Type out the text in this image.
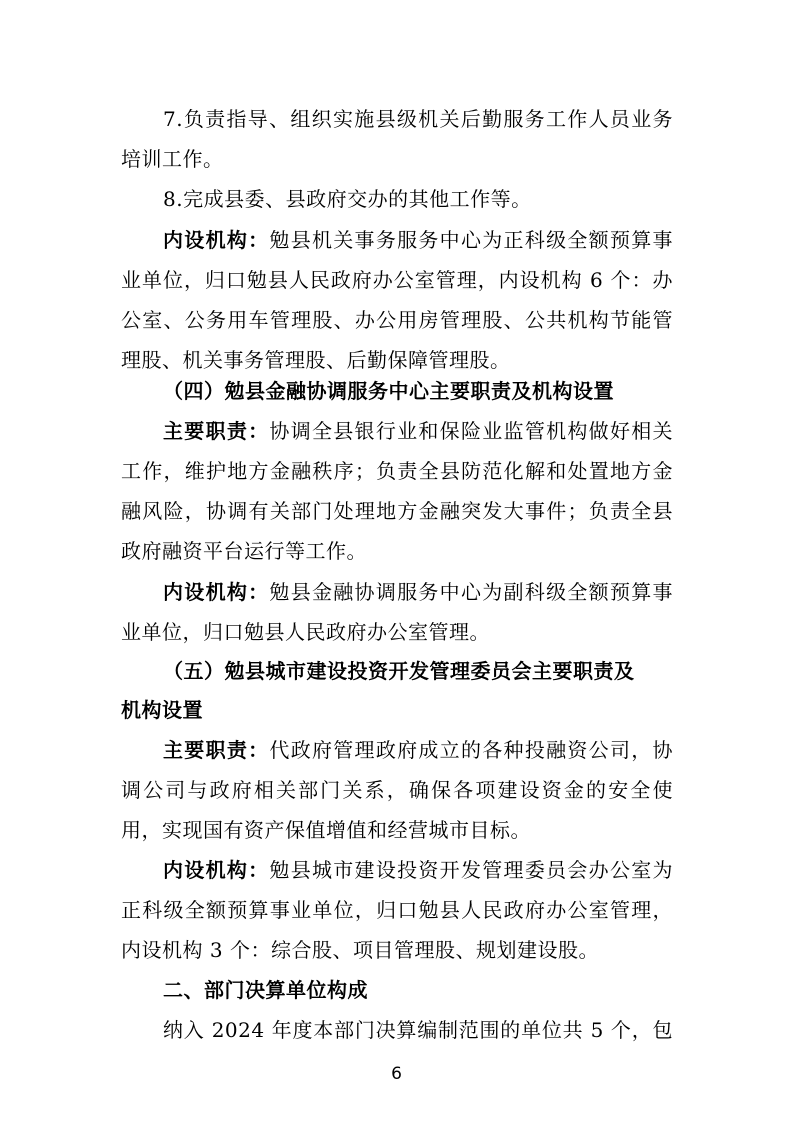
7.负责指导、组织实施县级机关后勤服务工作人员业务
培训工作。
8.完成县委、县政府交办的其他工作等。
内设机构：勉县机关事务服务中心为正科级全额预算事
业单位，归口勉县人民政府办公室管理，内设机构 6 个：办
公室、公务用车管理股、办公用房管理股、公共机构节能管
理股、机关事务管理股、后勤保障管理股。
（四）勉县金融协调服务中心主要职责及机构设置
主要职责：协调全县银行业和保险业监管机构做好相关
工作，维护地方金融秩序；负责全县防范化解和处置地方金
融风险，协调有关部门处理地方金融突发大事件；负责全县
政府融资平台运行等工作。
内设机构：勉县金融协调服务中心为副科级全额预算事
业单位，归口勉县人民政府办公室管理。
（五）勉县城市建设投资开发管理委员会主要职责及
机构设置
主要职责：代政府管理政府成立的各种投融资公司，协
调公司与政府相关部门关系，确保各项建设资金的安全使
用，实现国有资产保值增值和经营城市目标。
内设机构：勉县城市建设投资开发管理委员会办公室为
正科级全额预算事业单位，归口勉县人民政府办公室管理，
内设机构 3 个：综合股、项目管理股、规划建设股。
二、部门决算单位构成
纳入 2024 年度本部门决算编制范围的单位共 5 个，包
6
